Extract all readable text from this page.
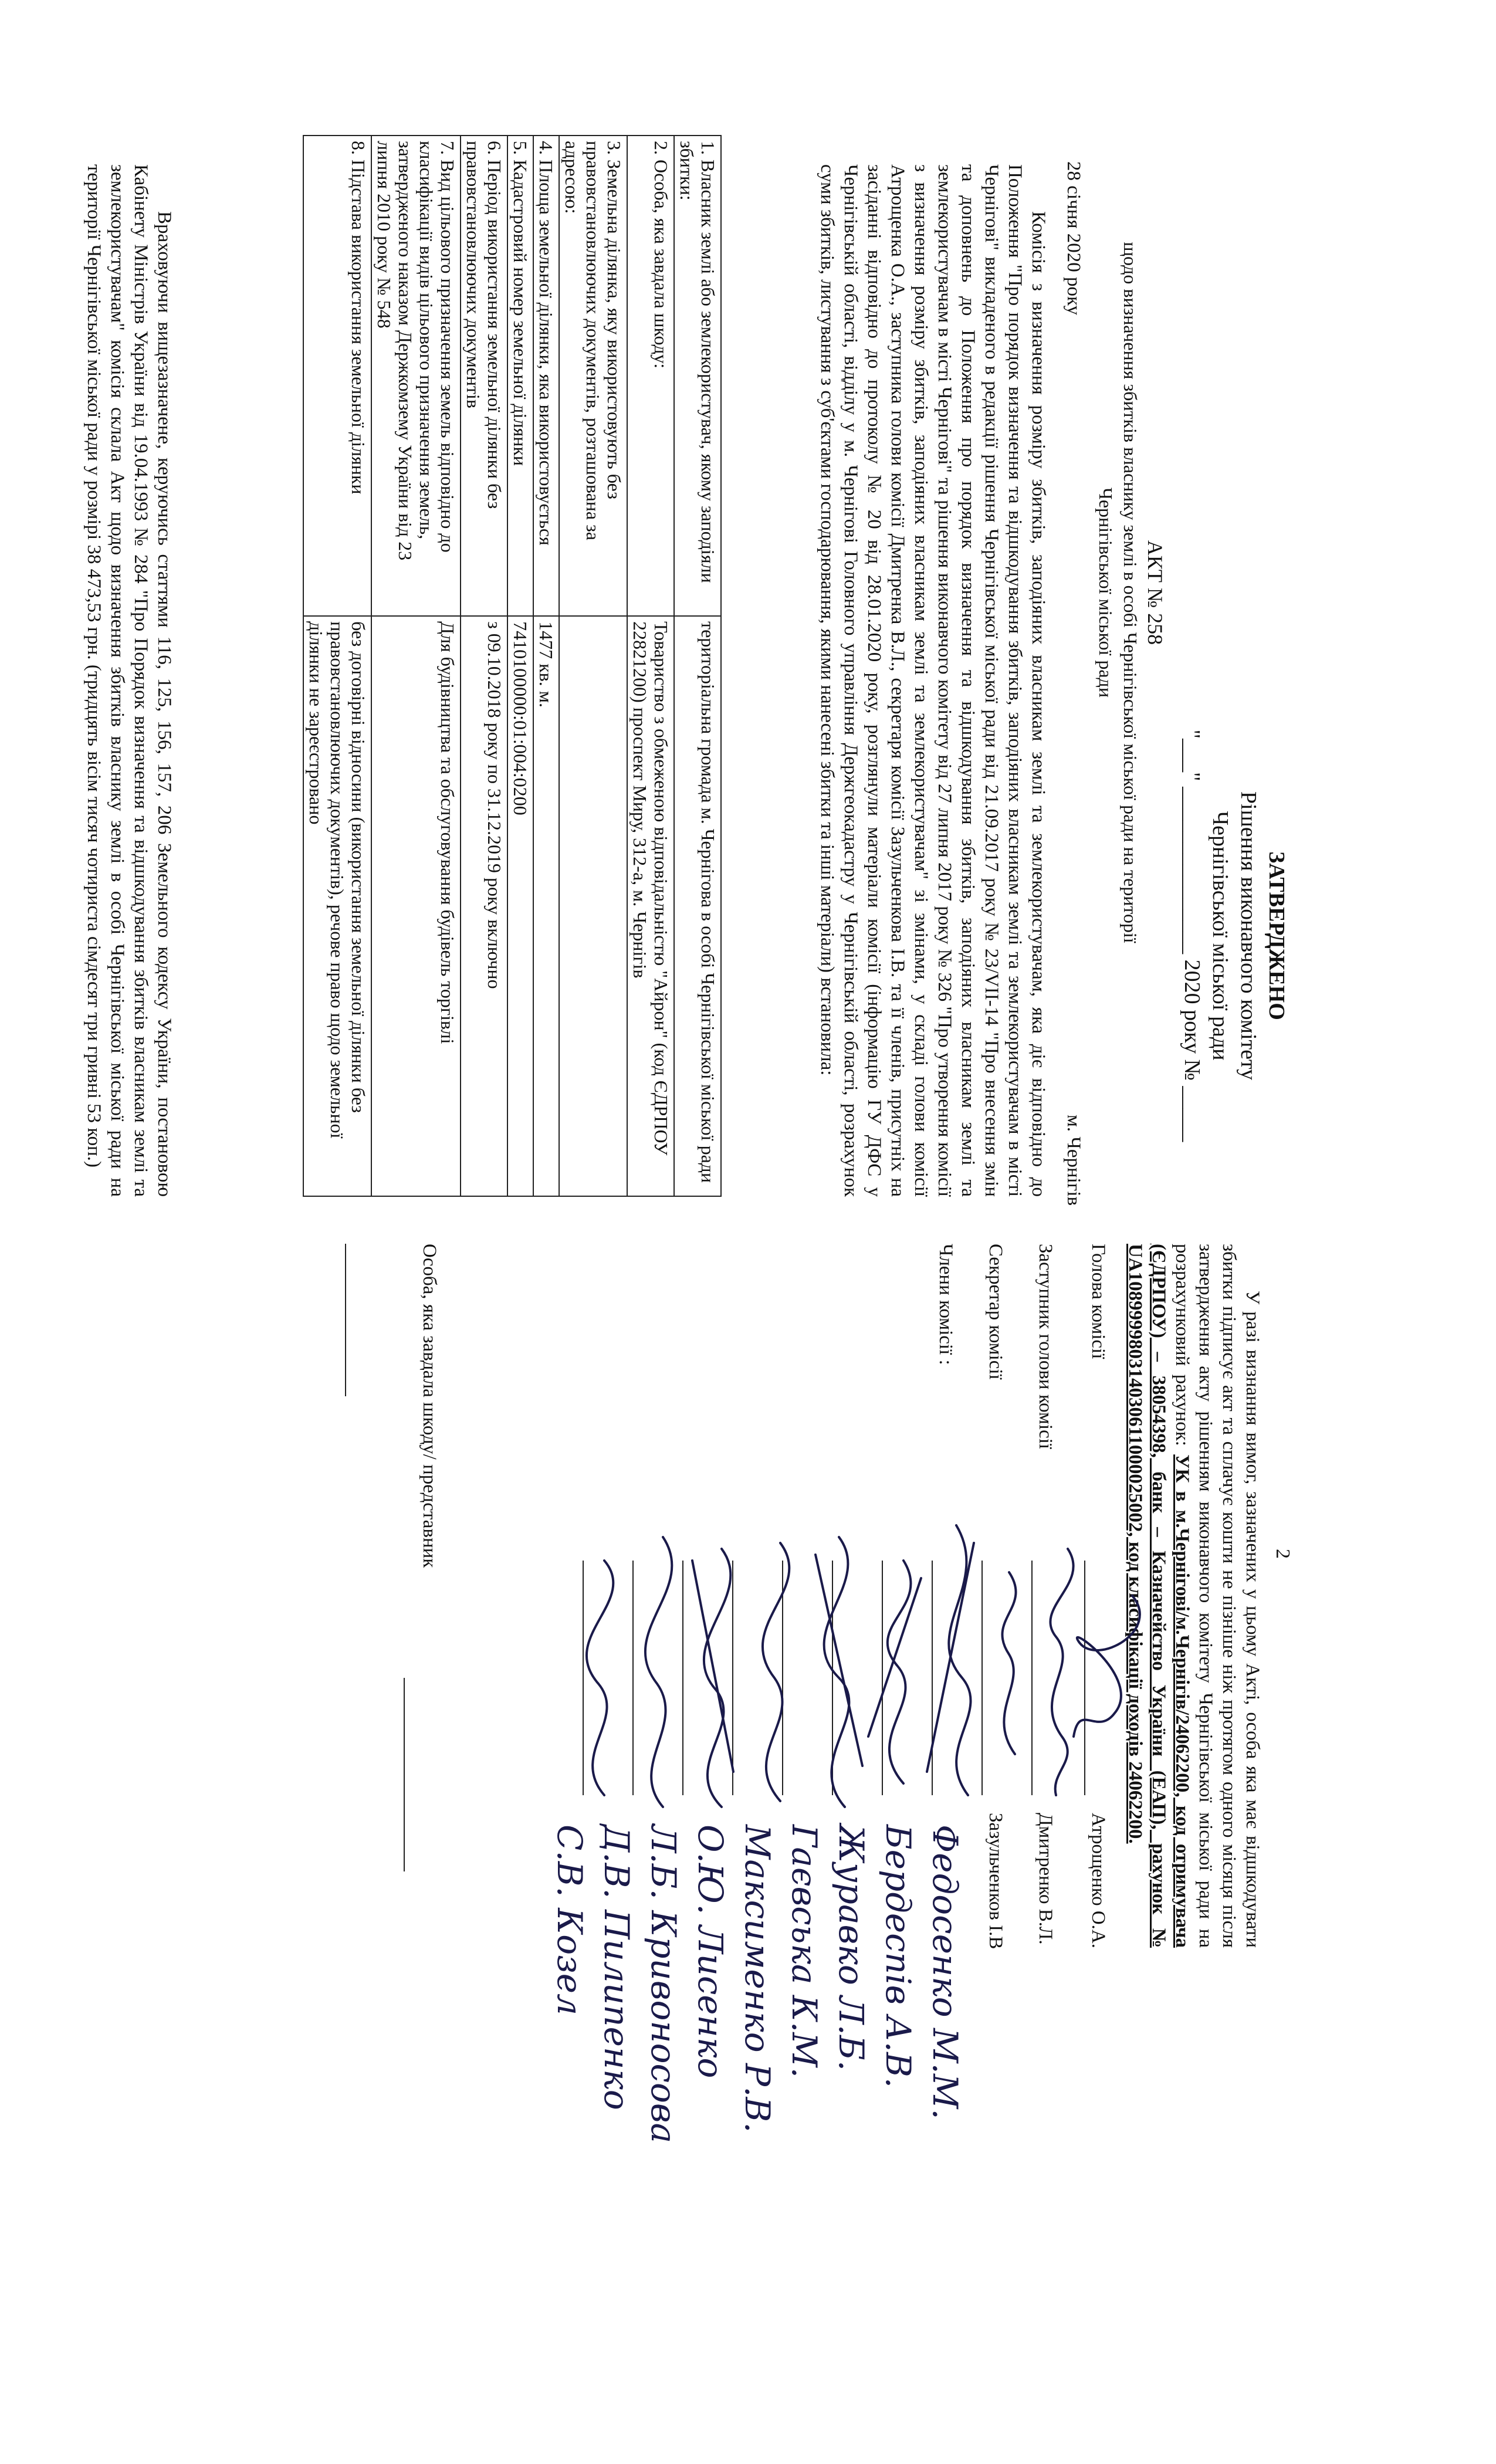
ЗАТВЕРДЖЕНО
Рішення виконавчого комітету
Чернігівської міської ради
"___" _______________ 2020 року № _____
АКТ № 258
щодо визначення збитків власнику землі в особі Чернігівської міської ради на території
Чернігівської міської ради
28 січня 2020 року
м. Чернігів
Комісія з визначення розміру збитків, заподіяних власникам землі та землекористувачам, яка діє відповідно до Положення "Про порядок визначення та відшкодування збитків, заподіяних власникам землі та землекористувачам в місті Чернігові" викладеного в редакції рішення Чернігівської міської ради від 21.09.2017 року № 23/VII-14 "Про внесення змін та доповнень до Положення про порядок визначення та відшкодування збитків, заподіяних власникам землі та землекористувачам в місті Чернігові" та рішення виконавчого комітету від 27 липня 2017 року № 326 "Про утворення комісії з визначення розміру збитків, заподіяних власникам землі та землекористувачам" зі змінами, у складі голови комісії Атрощенка О.А., заступника голови комісії Дмитренка В.Л., секретаря комісії Зазульченкова І.В. та її членів, присутніх на засіданні відповідно до протоколу № 20 від 28.01.2020 року, розглянули матеріали комісії (інформацію ГУ ДФС у Чернігівській області, відділу у м. Чернігові Головного управління Держгеокадастру у Чернігівській області, розрахунок суми збитків, листування з суб'єктами господарювання, якими нанесені збитки та інші матеріали) встановила:
1. Власник землі або землекористувач, якому заподіяли збитки:	територіальна громада м. Чернігова в особі Чернігівської міської ради
2. Особа, яка завдала шкоду:	Товариство з обмеженою відповідальністю "Айрон" (код ЄДРПОУ 22821200) проспект Миру, 312-а, м. Чернігів
3. Земельна ділянка, яку використовують без правовстановлюючих документів, розташована за адресою:	
4. Площа земельної ділянки, яка використовується	1477 кв. м.
5. Кадастровий номер земельної ділянки	7410100000:01:004:0200
6. Період використання земельної ділянки без правовстановлюючих документів	з 09.10.2018 року по 31.12.2019 року включно
7. Вид цільового призначення земель відповідно до класифікації видів цільового призначення земель, затвердженого наказом Держкомзему України від 23 липня 2010 року № 548	Для будівництва та обслуговування будівель торгівлі
8. Підстава використання земельної ділянки	без договірні відносини (використання земельної ділянки без правовстановлюючих документів), речове право щодо земельної ділянки не зареєстровано
Враховуючи вищезазначене, керуючись статтями 116, 125, 156, 157, 206 Земельного кодексу України, постановою Кабінету Міністрів України від 19.04.1993 № 284 "Про Порядок визначення та відшкодування збитків власникам землі та землекористувачам" комісія склала Акт щодо визначення збитків власнику землі в особі Чернігівської міської ради на території Чернігівської міської ради у розмірі 38 473,53 грн. (тридцять вісім тисяч чотириста сімдесят три гривні 53 коп.)
2
У разі визнання вимог, зазначених у цьому Акті, особа яка має відшкодувати збитки підписує акт та сплачує кошти не пізніше ніж протягом одного місяця після затвердження акту рішенням виконавчого комітету Чернігівської міської ради на розрахунковий рахунок: УК в м.Чернігові/м.Чернігів/24062200, код отримувача (ЄДРПОУ) – 38054398, банк – Казначейство України (ЕАП), рахунок № UA108999980314030611000025002, код класифікації доходів 24062200.
Голова комісії
Атрощенко О.А.
Заступник голови комісії
Дмитренко В.Л.
Секретар комісії
Зазульченков І.В
Члени комісії :
Федосенко М.М.
Бердеспів А.В.
Журавко Л.Б.
Гаєвська К.М.
Максименко Р.В.
О.Ю. Лисенко
Л.Б. Кривоносова
Д.В. Пилипенко
С.В. Козел
Особа, яка завдала шкоду/ представник
